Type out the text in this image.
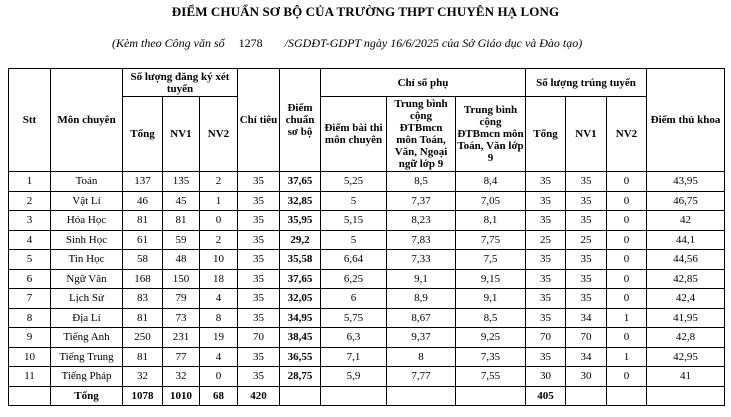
ĐIỂM CHUẨN SƠ BỘ CỦA TRƯỜNG THPT CHUYÊN HẠ LONG
(Kèm theo Công văn số 1278 /SGDĐT-GDPT ngày 16/6/2025 của Sở Giáo dục và Đào tạo)
Stt	Môn chuyên	Số lượng đăng ký xét tuyển			Chỉ tiêu	Điểm chuẩn sơ bộ	Chỉ số phụ			Số lượng trúng tuyển			Điểm thủ khoa
		Tổng	NV1	NV2			Điểm bài thi môn chuyên	Trung bình cộng ĐTBmcn môn Toán, Văn, Ngoại ngữ lớp 9	Trung bình cộng ĐTBmcn môn Toán, Văn lớp 9	Tổng	NV1	NV2	
1	Toán	137	135	2	35	37,65	5,25	8,5	8,4	35	35	0	43,95
2	Vật Lí	46	45	1	35	32,85	5	7,37	7,05	35	35	0	46,75
3	Hóa Học	81	81	0	35	35,95	5,15	8,23	8,1	35	35	0	42
4	Sinh Học	61	59	2	35	29,2	5	7,83	7,75	25	25	0	44,1
5	Tin Học	58	48	10	35	35,58	6,64	7,33	7,5	35	35	0	44,56
6	Ngữ Văn	168	150	18	35	37,65	6,25	9,1	9,15	35	35	0	42,85
7	Lịch Sử	83	79	4	35	32,05	6	8,9	9,1	35	35	0	42,4
8	Địa Lí	81	73	8	35	34,95	5,75	8,67	8,5	35	34	1	41,95
9	Tiếng Anh	250	231	19	70	38,45	6,3	9,37	9,25	70	70	0	42,8
10	Tiếng Trung	81	77	4	35	36,55	7,1	8	7,35	35	34	1	42,95
11	Tiếng Pháp	32	32	0	35	28,75	5,9	7,77	7,55	30	30	0	41
	Tổng	1078	1010	68	420					405			
